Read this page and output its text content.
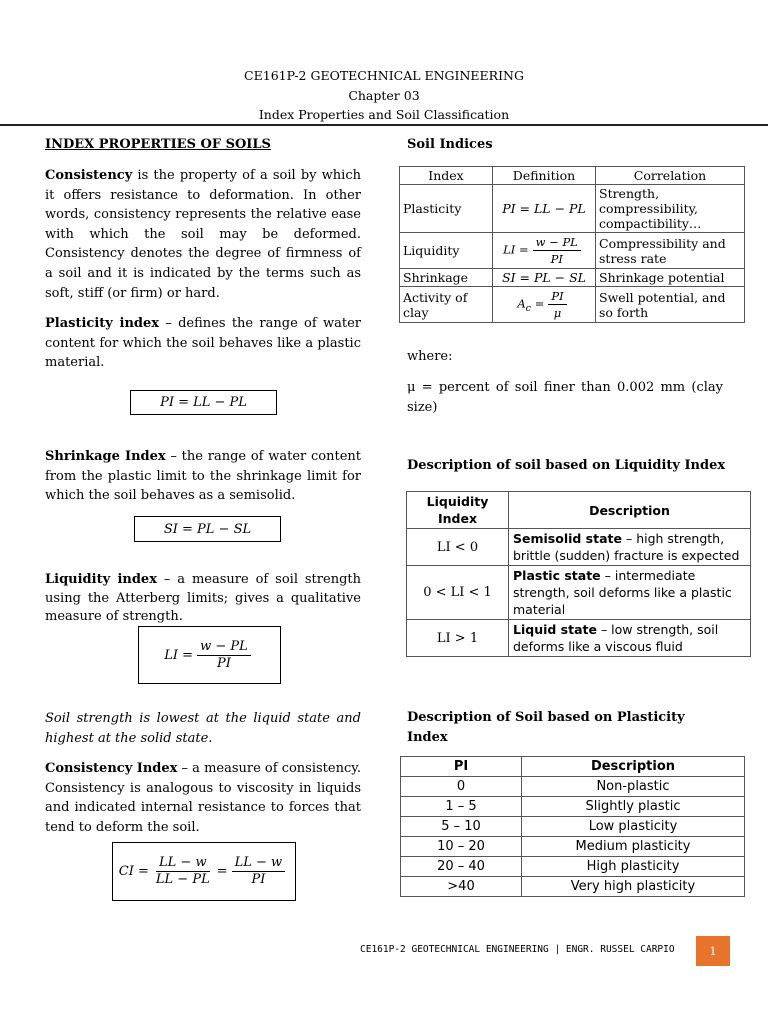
CE161P-2 GEOTECHNICAL ENGINEERING
Chapter 03
Index Properties and Soil Classification
INDEX PROPERTIES OF SOILS

Consistency is the property of a soil by which it offers resistance to deformation. In other words, consistency represents the relative ease with which the soil may be deformed. Consistency denotes the degree of firmness of a soil and it is indicated by the terms such as soft, stiff (or firm) or hard.

Plasticity index – defines the range of water content for which the soil behaves like a plastic material.

PI = LL − PL

Shrinkage Index – the range of water content from the plastic limit to the shrinkage limit for which the soil behaves as a semisolid.

SI = PL − SL

Liquidity index – a measure of soil strength using the Atterberg limits; gives a qualitative measure of strength.

LI = $\frac{w - PL}{PI}$

Soil strength is lowest at the liquid state and highest at the solid state.

Consistency Index – a measure of consistency. Consistency is analogous to viscosity in liquids and indicated internal resistance to forces that tend to deform the soil.

CI = $\frac{LL - w}{LL - PL} = \frac{LL - w}{PI}$
Soil Indices
Index	Definition	Correlation
Plasticity	PI = LL − PL	Strength, compressibility, compactibility…
Liquidity	LI = $\frac{w - PL}{PI}$	Compressibility and stress rate
Shrinkage	SI = PL − SL	Shrinkage potential
Activity of clay	$A_c = \frac{PI}{\mu}$	Swell potential, and so forth
where:

μ = percent of soil finer than 0.002 mm (clay size)

Description of soil based on Liquidity Index
Liquidity Index	Description
LI < 0	Semisolid state – high strength, brittle (sudden) fracture is expected
0 < LI < 1	Plastic state – intermediate strength, soil deforms like a plastic material
LI > 1	Liquid state – low strength, soil deforms like a viscous fluid
Description of Soil based on Plasticity Index
PI	Description
0	Non-plastic
1 – 5	Slightly plastic
5 – 10	Low plasticity
10 – 20	Medium plasticity
20 – 40	High plasticity
>40	Very high plasticity
CE161P-2 GEOTECHNICAL ENGINEERING | ENGR. RUSSEL CARPIO	1
